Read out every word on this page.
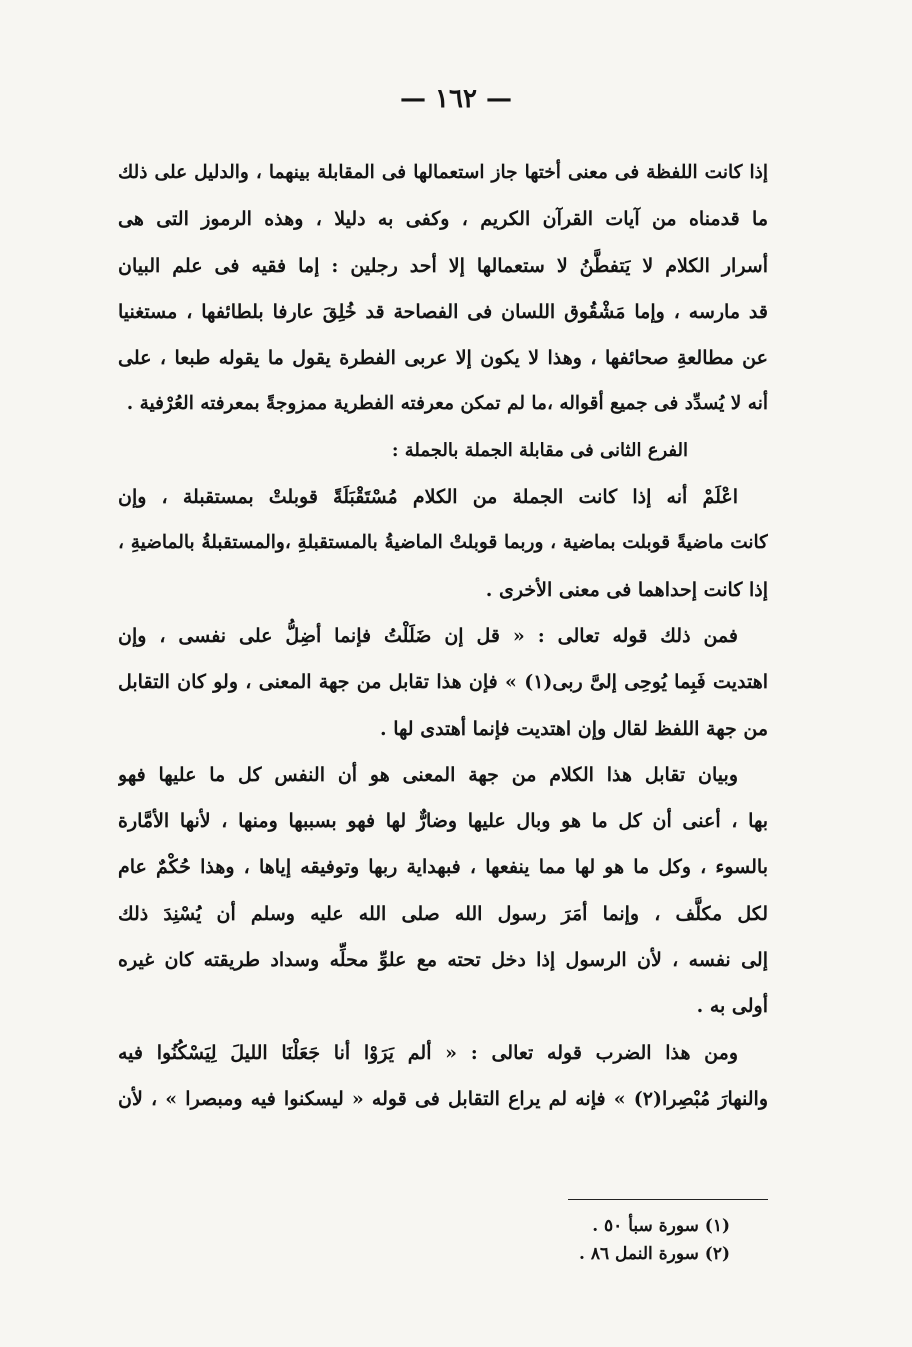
— ١٦٢ —
إذا كانت اللفظة فى معنى أختها جاز استعمالها فى المقابلة بينهما ، والدليل على ذلك
ما قدمناه من آيات القرآن الكريم ، وكفى به دليلا ، وهذه الرموز التى هى
أسرار الكلام لا يَتفطَّنُ لا ستعمالها إلا أحد رجلين : إما فقيه فى علم البيان
قد مارسه ، وإما مَشْقُوق اللسان فى الفصاحة قد خُلِقَ عارفا بلطائفها ، مستغنيا
عن مطالعةِ صحائفها ، وهذا لا يكون إلا عربى الفطرة يقول ما يقوله طبعا ، على
أنه لا يُسدِّد فى جميع أقواله ،ما لم تمكن معرفته الفطرية ممزوجةً بمعرفته العُرْفية .
الفرع الثانى فى مقابلة الجملة بالجملة :
اعْلَمْ أنه إذا كانت الجملة من الكلام مُسْتَقْبَلَةً قوبلتْ بمستقبلة ، وإن
كانت ماضيةً قوبلت بماضية ، وربما قوبلتْ الماضيةُ بالمستقبلةِ ،والمستقبلةُ بالماضيةِ ،
إذا كانت إحداهما فى معنى الأخرى .
فمن ذلك قوله تعالى : « قل إن ضَلَلْتُ فإنما أضِلُّ على نفسى ، وإن
اهتديت فَبِما يُوحِى إلىَّ ربى(١) » فإن هذا تقابل من جهة المعنى ، ولو كان التقابل
من جهة اللفظ لقال وإن اهتديت فإنما أهتدى لها .
وبيان تقابل هذا الكلام من جهة المعنى هو أن النفس كل ما عليها فهو
بها ، أعنى أن كل ما هو وبال عليها وضارٌّ لها فهو بسببها ومنها ، لأنها الأمَّارة
بالسوء ، وكل ما هو لها مما ينفعها ، فبهداية ربها وتوفيقه إياها ، وهذا حُكْمٌ عام
لكل مكلَّف ، وإنما أمَرَ رسول الله صلى الله عليه وسلم أن يُسْنِدَ ذلك
إلى نفسه ، لأن الرسول إذا دخل تحته مع علوِّ محلِّه وسداد طريقته كان غيره
أولى به .
ومن هذا الضرب قوله تعالى : « ألم يَرَوْا أنا جَعَلْنَا الليلَ لِيَسْكُنُوا فيه
والنهارَ مُبْصِرا(٢) » فإنه لم يراع التقابل فى قوله « ليسكنوا فيه ومبصرا » ، لأن
(١) سورة سبأ ٥٠ .
(٢) سورة النمل ٨٦ .
